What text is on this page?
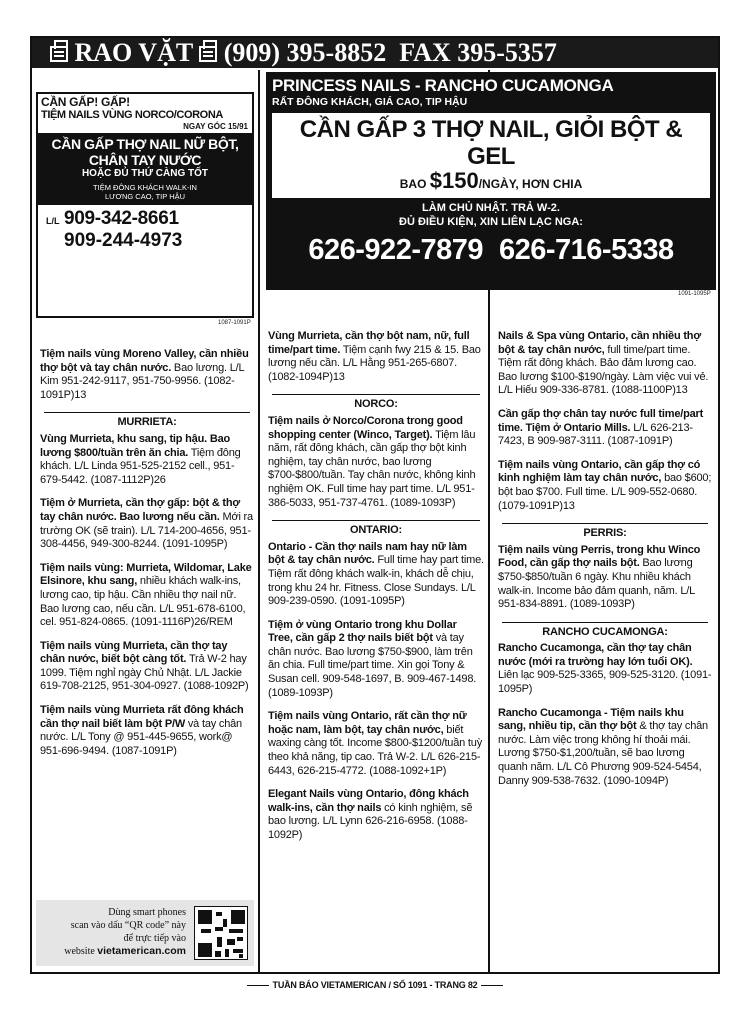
RAO VẶT (909) 395-8852 FAX 395-5357
CẦN GẤP! GẤP!
TIỆM NAILS VÙNG NORCO/CORONA
NGAY GÓC 15/91
CẦN GẤP THỢ NAIL NỮ BỘT,
CHÂN TAY NƯỚC
HOẶC ĐỦ THỨ CÀNG TỐT
TIỆM ĐÔNG KHÁCH WALK-IN
LƯƠNG CAO, TIP HẬU
L/L 909-342-8661
909-244-4973
1087-1091P
Tiệm nails vùng Moreno Valley, cần nhiều thợ bột và tay chân nước. Bao lương. L/L Kim 951-242-9117, 951-750-9956. (1082-1091P)13
MURRIETA:
Vùng Murrieta, khu sang, tip hậu. Bao lương $800/tuần trên ăn chia. Tiệm đông khách. L/L Linda 951-525-2152 cell., 951-679-5442. (1087-1112P)26
Tiệm ở Murrieta, cần thợ gấp: bột & thợ tay chân nước. Bao lương nếu cần. Mới ra trường OK (sẽ train). L/L 714-200-4656, 951-308-4456, 949-300-8244. (1091-1095P)
Tiệm nails vùng: Murrieta, Wildomar, Lake Elsinore, khu sang, nhiều khách walk-ins, lương cao, tip hậu. Cần nhiều thợ nail nữ. Bao lương cao, nếu cần. L/L 951-678-6100, cel. 951-824-0865. (1091-1116P)26/REM
Tiệm nails vùng Murrieta, cần thợ tay chân nước, biết bột càng tốt. Trả W-2 hay 1099. Tiệm nghỉ ngày Chủ Nhật. L/L Jackie 619-708-2125, 951-304-0927. (1088-1092P)
Tiệm nails vùng Murrieta rất đông khách cần thợ nail biết làm bột P/W và tay chân nước. L/L Tony @ 951-445-9655, work@ 951-696-9494. (1087-1091P)
Dùng smart phones
scan vào dấu “QR code” này
để trực tiếp vào
website vietamerican.com
Vùng Murrieta, cần thợ bột nam, nữ, full time/part time. Tiệm cạnh fwy 215 & 15. Bao lương nếu cần. L/L Hằng 951-265-6807. (1082-1094P)13
NORCO:
Tiệm nails ở Norco/Corona trong good shopping center (Winco, Target). Tiệm lâu năm, rất đông khách, cần gấp thợ bột kinh nghiệm, tay chân nước, bao lương $700-$800/tuần. Tay chân nước, không kinh nghiệm OK. Full time hay part time. L/L 951-386-5033, 951-737-4761. (1089-1093P)
ONTARIO:
Ontario - Cần thợ nails nam hay nữ làm bột & tay chân nước. Full time hay part time. Tiệm rất đông khách walk-in, khách dễ chịu, trong khu 24 hr. Fitness. Close Sundays. L/L 909-239-0590. (1091-1095P)
Tiệm ở vùng Ontario trong khu Dollar Tree, cần gấp 2 thợ nails biết bột và tay chân nước. Bao lương $750-$900, làm trên ăn chia. Full time/part time. Xin gọi Tony & Susan cell. 909-548-1697, B. 909-467-1498. (1089-1093P)
Tiệm nails vùng Ontario, rất cần thợ nữ hoặc nam, làm bột, tay chân nước, biết waxing càng tốt. Income $800-$1200/tuần tuỳ theo khả năng, tip cao. Trả W-2. L/L 626-215-6443, 626-215-4772. (1088-1092+1P)
Elegant Nails vùng Ontario, đông khách walk-ins, cần thợ nails có kinh nghiệm, sẽ bao lương. L/L Lynn 626-216-6958. (1088-1092P)
Nails & Spa vùng Ontario, cần nhiều thợ bột & tay chân nước, full time/part time. Tiệm rất đông khách. Bảo đảm lương cao. Bao lương $100-$190/ngày. Làm việc vui vẻ. L/L Hiếu 909-336-8781. (1088-1100P)13
Cần gấp thợ chân tay nước full time/part time. Tiệm ở Ontario Mills. L/L 626-213-7423, B 909-987-3111. (1087-1091P)
Tiệm nails vùng Ontario, cần gấp thợ có kinh nghiệm làm tay chân nước, bao $600; bột bao $700. Full time. L/L 909-552-0680. (1079-1091P)13
PERRIS:
Tiệm nails vùng Perris, trong khu Winco Food, cần gấp thợ nails bột. Bao lương $750-$850/tuần 6 ngày. Khu nhiều khách walk-in. Income bảo đảm quanh, năm. L/L 951-834-8891. (1089-1093P)
RANCHO CUCAMONGA:
Rancho Cucamonga, cần thợ tay chân nước (mới ra trường hay lớn tuổi OK). Liên lạc 909-525-3365, 909-525-3120. (1091-1095P)
Rancho Cucamonga - Tiệm nails khu sang, nhiều tip, cần thợ bột & thợ tay chân nước. Làm việc trong không hí thoải mái. Lương $750-$1,200/tuần, sẽ bao lương quanh năm. L/L Cô Phương 909-524-5454, Danny 909-538-7632. (1090-1094P)
PRINCESS NAILS - RANCHO CUCAMONGA
RẤT ĐÔNG KHÁCH, GIÁ CAO, TIP HẬU
CẦN GẤP 3 THỢ NAIL, GIỎI BỘT & GEL
BAO $150/NGÀY, HƠN CHIA
LÀM CHỦ NHẬT. TRẢ W-2.
ĐỦ ĐIỀU KIỆN, XIN LIÊN LẠC NGA:
626-922-7879 626-716-5338
1091-1095P
TUẦN BÁO VIETAMERICAN / SỐ 1091 - TRANG 82
